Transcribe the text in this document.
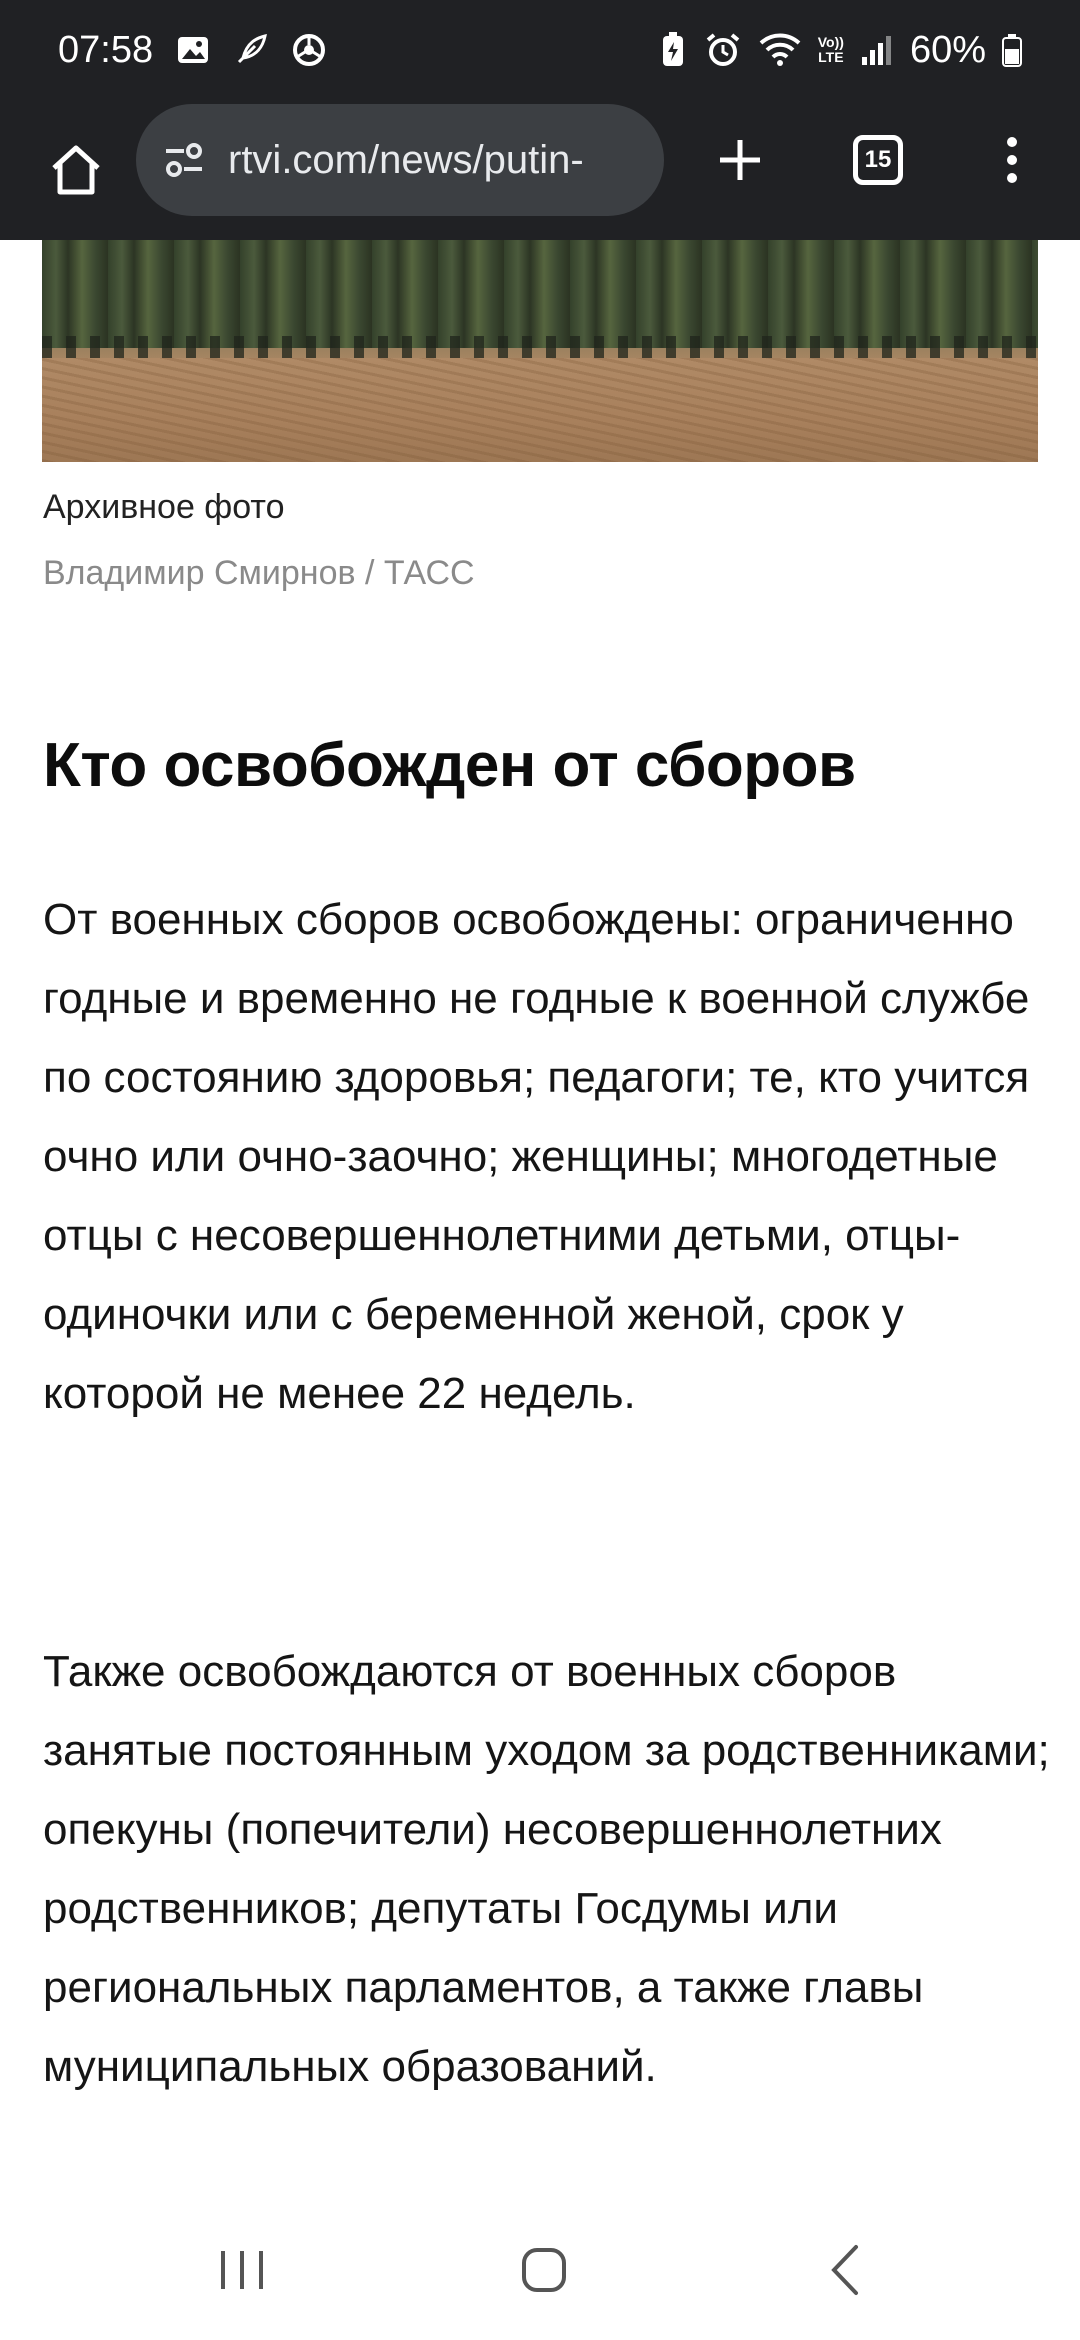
07:58	Vo))
LTE 60%
rtvi.com/news/putin-	15
Архивное фото
Владимир Смирнов / ТАСС
Кто освобожден от сборов

От военных сборов освобождены: ограниченно годные и временно не годные к военной службе по состоянию здоровья; педагоги; те, кто учится очно или очно-заочно; женщины; многодетные отцы с несовершеннолетними детьми, отцы-одиночки или с беременной женой, срок у которой не менее 22 недель.

Также освобождаются от военных сборов занятые постоянным уходом за родственниками; опекуны (попечители) несовершеннолетних родственников; депутаты Госдумы или региональных парламентов, а также главы муниципальных образований.
